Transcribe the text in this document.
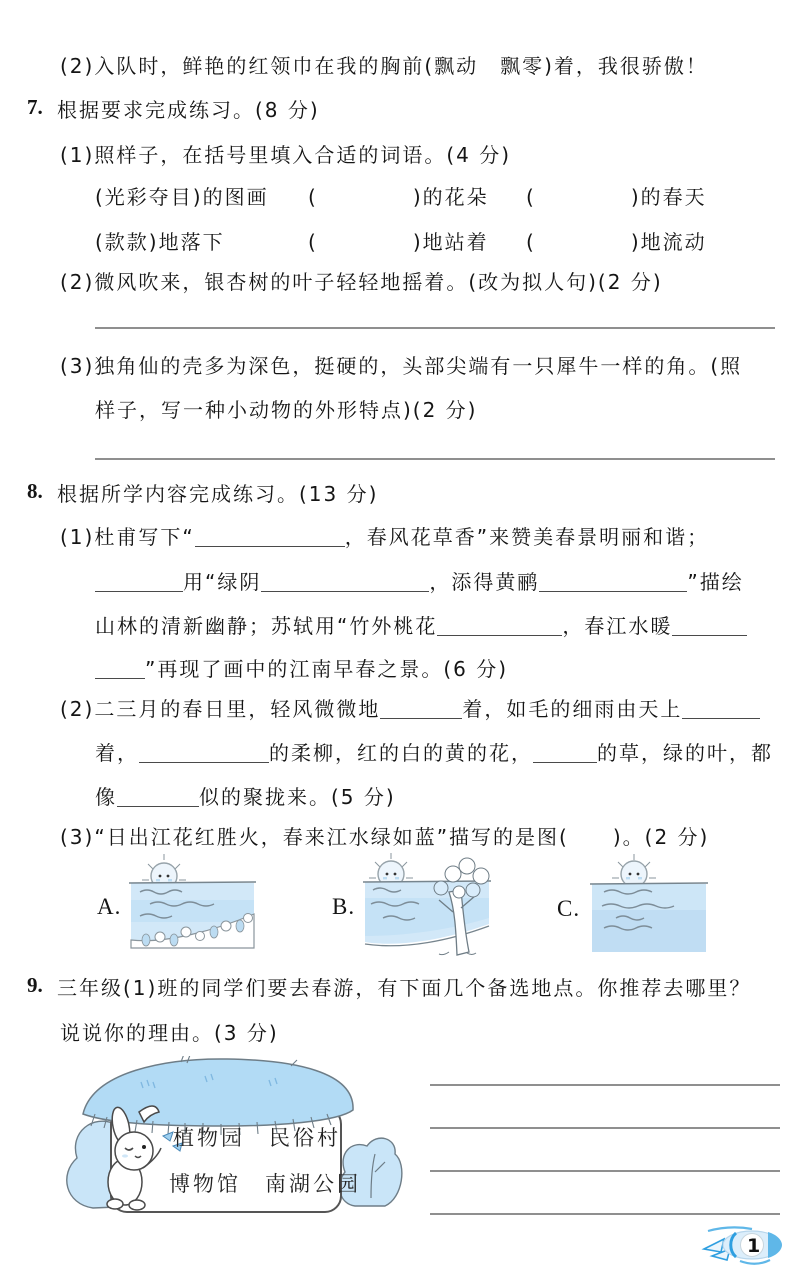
(2)入队时，鲜艳的红领巾在我的胸前(飘动　飘零)着，我很骄傲！
7. 根据要求完成练习。(8 分)
(1)照样子，在括号里填入合适的词语。(4 分)
(光彩夺目)的图画 (	)的花朵 (	)的春天
(款款)地落下	(	)地站着 (	)地流动
(2)微风吹来，银杏树的叶子轻轻地摇着。(改为拟人句)(2 分)
(3)独角仙的壳多为深色，挺硬的，头部尖端有一只犀牛一样的角。(照
样子，写一种小动物的外形特点)(2 分)
8. 根据所学内容完成练习。(13 分)
(1)杜甫写下“	，春风花草香”来赞美春景明丽和谐；
用“绿阴	，添得黄鹂	”描绘
山林的清新幽静；苏轼用“竹外桃花	，春江水暖
”再现了画中的江南早春之景。(6 分)
(2)二三月的春日里，轻风微微地	着，如毛的细雨由天上
着，	的柔柳，红的白的黄的花，	的草，绿的叶，都
像	似的聚拢来。(5 分)
(3)“日出江花红胜火，春来江水绿如蓝”描写的是图(　　)。(2 分)
A.	B.	C.
9. 三年级(1)班的同学们要去春游，有下面几个备选地点。你推荐去哪里？
说说你的理由。(3 分)
植物园　民俗村
博物馆　南湖公园
1
